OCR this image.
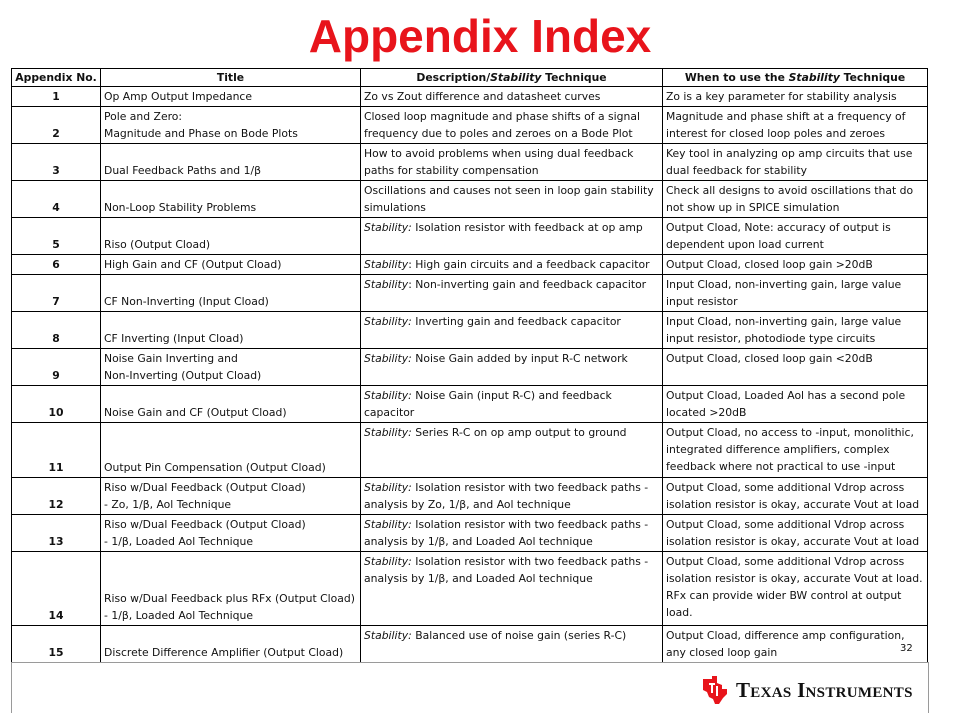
Appendix Index
Appendix No.	Title	Description/Stability Technique	When to use the Stability Technique
1	Op Amp Output Impedance	Zo vs Zout difference and datasheet curves	Zo is a key parameter for stability analysis
2	Pole and Zero:
Magnitude and Phase on Bode Plots	Closed loop magnitude and phase shifts of a signal frequency due to poles and zeroes on a Bode Plot	Magnitude and phase shift at a frequency of interest for closed loop poles and zeroes
3	Dual Feedback Paths and 1/β	How to avoid problems when using dual feedback paths for stability compensation	Key tool in analyzing op amp circuits that use dual feedback for stability
4	Non-Loop Stability Problems	Oscillations and causes not seen in loop gain stability simulations	Check all designs to avoid oscillations that do not show up in SPICE simulation
5	Riso (Output Cload)	Stability: Isolation resistor with feedback at op amp	Output Cload, Note: accuracy of output is dependent upon load current
6	High Gain and CF (Output Cload)	Stability: High gain circuits and a feedback capacitor	Output Cload, closed loop gain >20dB
7	CF Non-Inverting (Input Cload)	Stability: Non-inverting gain and feedback capacitor	Input Cload, non-inverting gain, large value input resistor
8	CF Inverting (Input Cload)	Stability: Inverting gain and feedback capacitor	Input Cload, non-inverting gain, large value input resistor, photodiode type circuits
9	Noise Gain Inverting and
Non-Inverting (Output Cload)	Stability: Noise Gain added by input R-C network	Output Cload, closed loop gain <20dB
10	Noise Gain and CF (Output Cload)	Stability: Noise Gain (input R-C) and feedback capacitor	Output Cload, Loaded Aol has a second pole located >20dB
11	Output Pin Compensation (Output Cload)	Stability: Series R-C on op amp output to ground	Output Cload, no access to -input, monolithic, integrated difference amplifiers, complex feedback where not practical to use -input
12	Riso w/Dual Feedback (Output Cload)
- Zo, 1/β, Aol Technique	Stability: Isolation resistor with two feedback paths - analysis by Zo, 1/β, and Aol technique	Output Cload, some additional Vdrop across isolation resistor is okay, accurate Vout at load
13	Riso w/Dual Feedback (Output Cload)
- 1/β, Loaded Aol Technique	Stability: Isolation resistor with two feedback paths - analysis by 1/β, and Loaded Aol technique	Output Cload, some additional Vdrop across isolation resistor is okay, accurate Vout at load
14	Riso w/Dual Feedback plus RFx (Output Cload)
- 1/β, Loaded Aol Technique	Stability: Isolation resistor with two feedback paths - analysis by 1/β, and Loaded Aol technique	Output Cload, some additional Vdrop across isolation resistor is okay, accurate Vout at load. RFx can provide wider BW control at output load.
15	Discrete Difference Amplifier (Output Cload)	Stability: Balanced use of noise gain (series R-C)	Output Cload, difference amp configuration, any closed loop gain	32
Texas Instruments
